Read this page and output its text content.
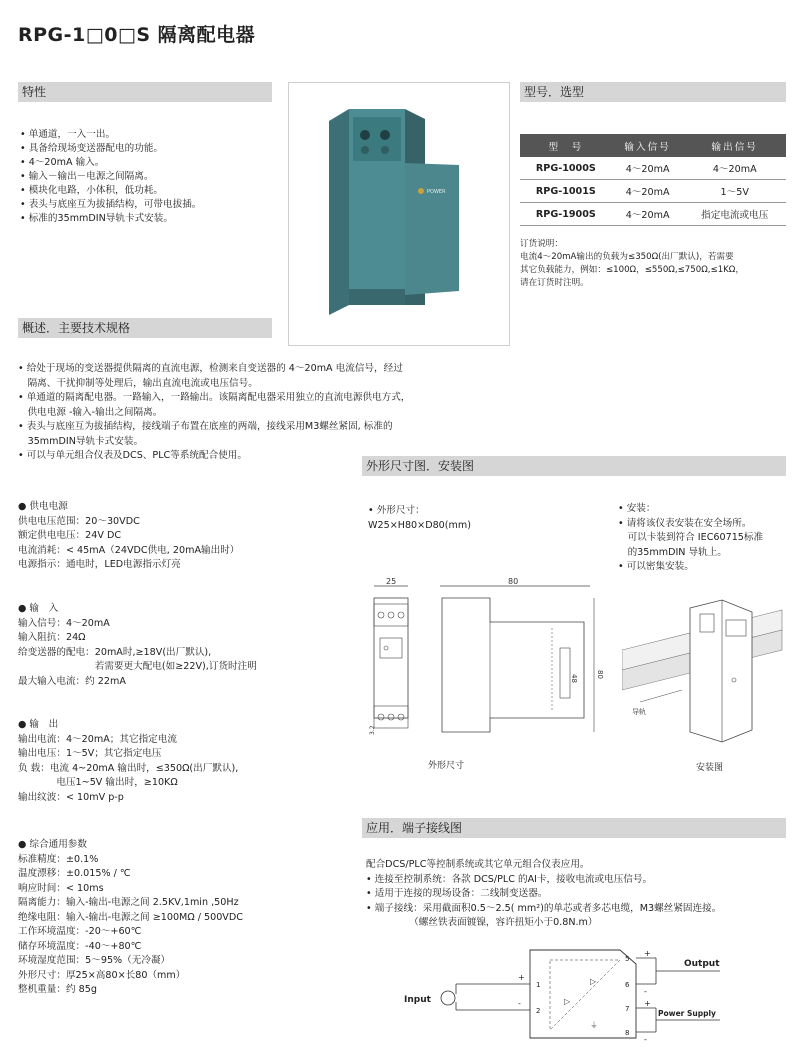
RPG-1□0□S 隔离配电器
特性
• 单通道，一入一出。
• 具备给现场变送器配电的功能。
• 4～20mA 输入。
• 输入－输出－电源之间隔离。
• 模块化电路，小体积，低功耗。
• 表头与底座互为拔插结构，可带电拔插。
• 标准的35mmDIN导轨卡式安装。
POWER
型号．选型
型　号	输入信号	输出信号
RPG-1000S	4～20mA	4～20mA
RPG-1001S	4～20mA	1～5V
RPG-1900S	4～20mA	指定电流或电压
订货说明：
电流4～20mA输出的负载为≤350Ω(出厂默认)，若需要
其它负载能力，例如：≤100Ω，≤550Ω,≤750Ω,≤1KΩ，
请在订货时注明。
概述．主要技术规格
• 给处于现场的变送器提供隔离的直流电源，检测来自变送器的 4～20mA 电流信号，经过
　隔离、干扰抑制等处理后，输出直流电流或电压信号。
• 单通道的隔离配电器。一路输入，一路输出。该隔离配电器采用独立的直流电源供电方式，
　供电电源 -输入-输出之间隔离。
• 表头与底座互为拔插结构，接线端子布置在底座的两端，接线采用M3螺丝紧固, 标准的
　35mmDIN导轨卡式安装。
• 可以与单元组合仪表及DCS、PLC等系统配合使用。
● 供电电源
供电电压范围：20～30VDC
额定供电电压：24V DC
电流消耗：< 45mA（24VDC供电, 20mA输出时）
电源指示：通电时，LED电源指示灯亮
● 输　入
输入信号：4～20mA
输入阻抗：24Ω
给变送器的配电：20mA时,≥18V(出厂默认),
　　　　　　　　若需要更大配电(如≥22V),订货时注明
最大输入电流：约 22mA
● 输　出
输出电流：4～20mA；其它指定电流
输出电压：1～5V；其它指定电压
负 载：电流 4~20mA 输出时，≤350Ω(出厂默认),
　　　　电压1~5V 输出时，≥10KΩ
输出纹波：< 10mV p-p
● 综合通用参数
标准精度：±0.1%
温度漂移：±0.015% / ℃
响应时间：< 10ms
隔离能力：输入-输出-电源之间 2.5KV,1min ,50Hz
绝缘电阻：输入-输出-电源之间 ≥100MΩ / 500VDC
工作环境温度：-20～+60℃
储存环境温度：-40～+80℃
环境湿度范围：5～95%（无冷凝）
外形尺寸：厚25×高80×长80（mm）
整机重量：约 85g
外形尺寸图．安装图
• 外形尺寸：
W25×H80×D80(mm)
• 安装：
• 请将该仪表安装在安全场所。
　可以卡装到符合 IEC60715标准
　的35mmDIN 导轨上。
• 可以密集安装。
25
3.2
80
48	80
外形尺寸
导轨
安装图
应用．端子接线图
配合DCS/PLC等控制系统或其它单元组合仪表应用。
• 连接至控制系统：各款 DCS/PLC 的AI卡，接收电流或电压信号。
• 适用于连接的现场设备：二线制变送器。
• 端子接线：采用截面积0.5～2.5( mm²)的单芯或者多芯电缆，M3螺丝紧固连接。
　　　　　（螺丝铁表面镀镍，容许扭矩小于0.8N.m）
▷
▷
⏚
Input
+
-
1
2
Output
5
6
+
-
Power Supply
7
8
+
-
